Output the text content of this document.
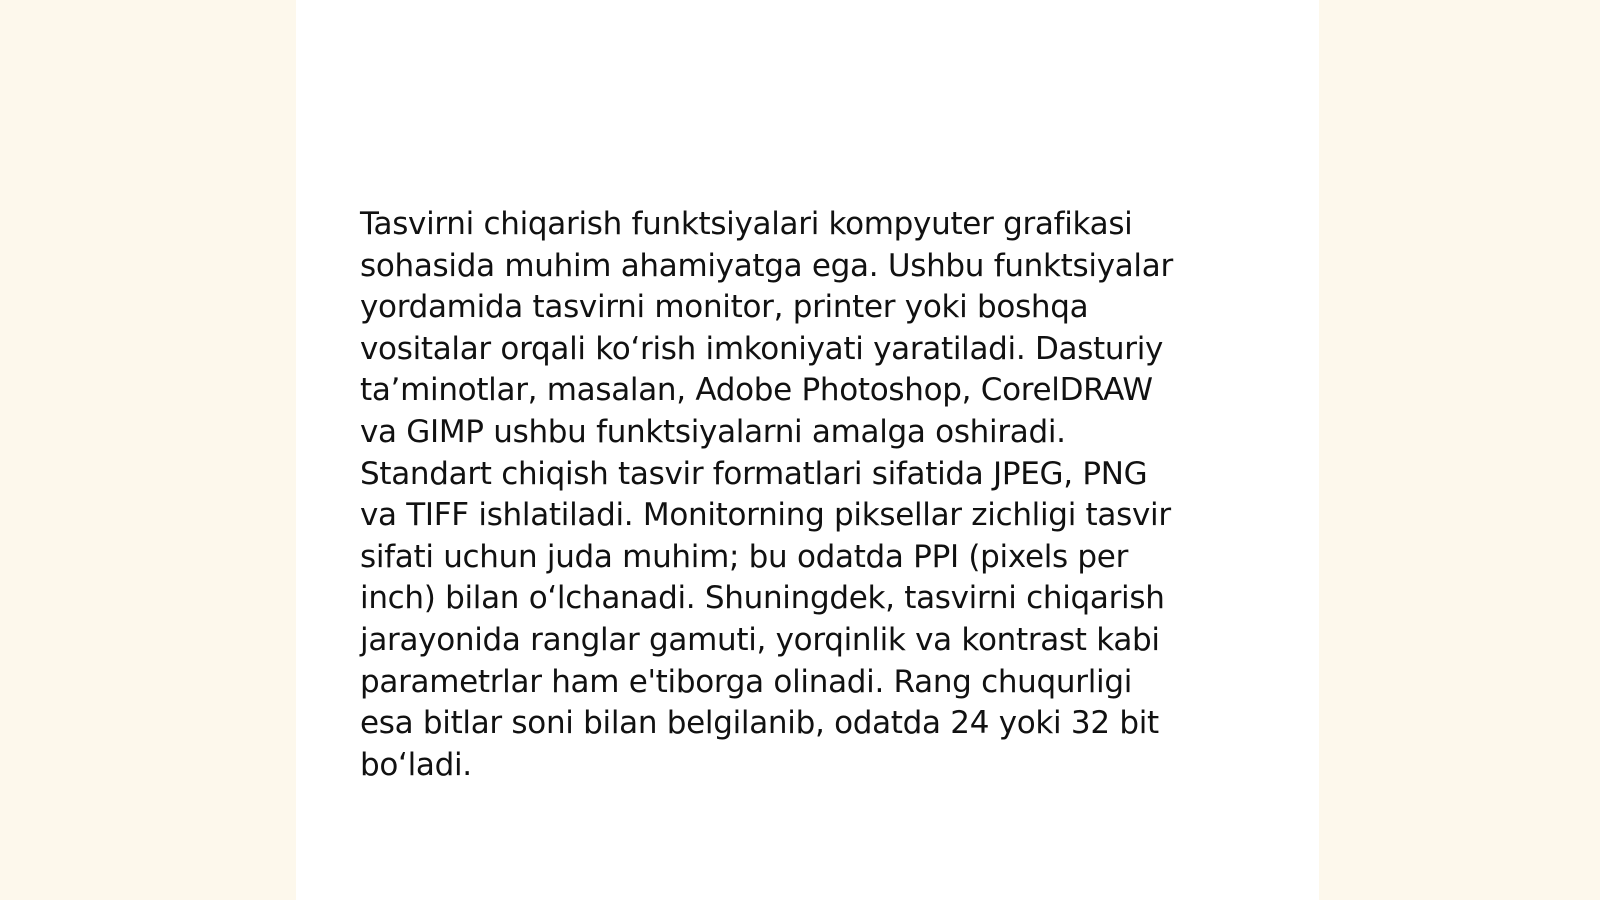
Tasvirni chiqarish funktsiyalari kompyuter grafikasi
sohasida muhim ahamiyatga ega. Ushbu funktsiyalar
yordamida tasvirni monitor, printer yoki boshqa
vositalar orqali koʻrish imkoniyati yaratiladi. Dasturiy
taʼminotlar, masalan, Adobe Photoshop, CorelDRAW
va GIMP ushbu funktsiyalarni amalga oshiradi.
Standart chiqish tasvir formatlari sifatida JPEG, PNG
va TIFF ishlatiladi. Monitorning piksellar zichligi tasvir
sifati uchun juda muhim; bu odatda PPI (pixels per
inch) bilan oʻlchanadi. Shuningdek, tasvirni chiqarish
jarayonida ranglar gamuti, yorqinlik va kontrast kabi
parametrlar ham e'tiborga olinadi. Rang chuqurligi
esa bitlar soni bilan belgilanib, odatda 24 yoki 32 bit
boʻladi.
